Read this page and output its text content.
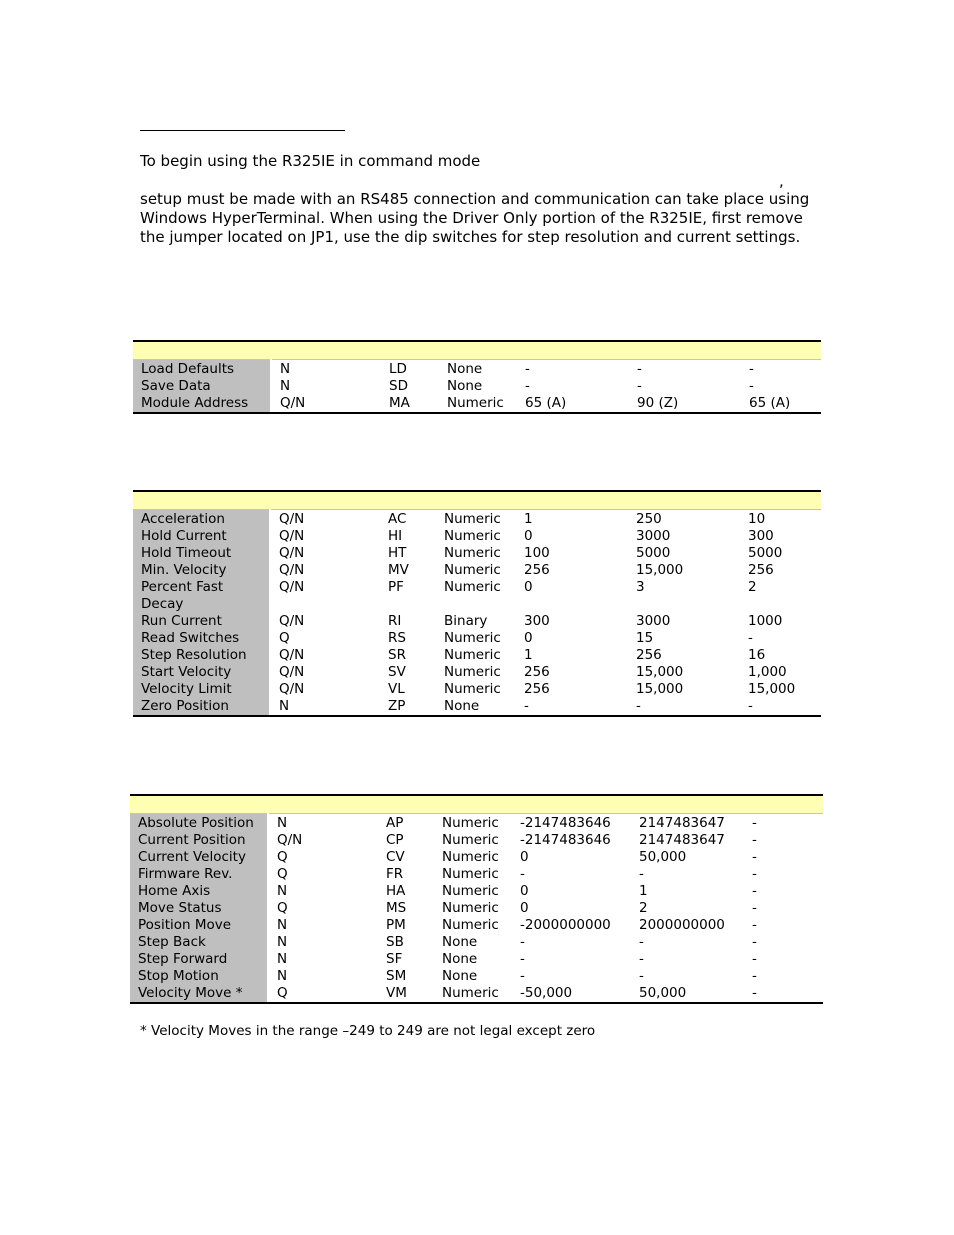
To begin using the R325IE in command mode

setup must be made with an RS485 connection and communication can take place using Windows HyperTerminal. When using the Driver Only portion of the R325IE, first remove the jumper located on JP1, use the dip switches for step resolution and current settings.

,

Load Defaults	N	LD	None	-	-	-
Save Data	N	SD	None	-	-	-
Module Address	Q/N	MA	Numeric	65 (A)	90 (Z)	65 (A)

Acceleration	Q/N	AC	Numeric	1	250	10
Hold Current	Q/N	HI	Numeric	0	3000	300
Hold Timeout	Q/N	HT	Numeric	100	5000	5000
Min. Velocity	Q/N	MV	Numeric	256	15,000	256
Percent Fast Decay	Q/N	PF	Numeric	0	3	2
Run Current	Q/N	RI	Binary	300	3000	1000
Read Switches	Q	RS	Numeric	0	15	-
Step Resolution	Q/N	SR	Numeric	1	256	16
Start Velocity	Q/N	SV	Numeric	256	15,000	1,000
Velocity Limit	Q/N	VL	Numeric	256	15,000	15,000
Zero Position	N	ZP	None	-	-	-

Absolute Position	N	AP	Numeric	-2147483646	2147483647	-
Current Position	Q/N	CP	Numeric	-2147483646	2147483647	-
Current Velocity	Q	CV	Numeric	0	50,000	-
Firmware Rev.	Q	FR	Numeric	-	-	-
Home Axis	N	HA	Numeric	0	1	-
Move Status	Q	MS	Numeric	0	2	-
Position Move	N	PM	Numeric	-2000000000	2000000000	-
Step Back	N	SB	None	-	-	-
Step Forward	N	SF	None	-	-	-
Stop Motion	N	SM	None	-	-	-
Velocity Move *	Q	VM	Numeric	-50,000	50,000	-
* Velocity Moves in the range –249 to 249 are not legal except zero
